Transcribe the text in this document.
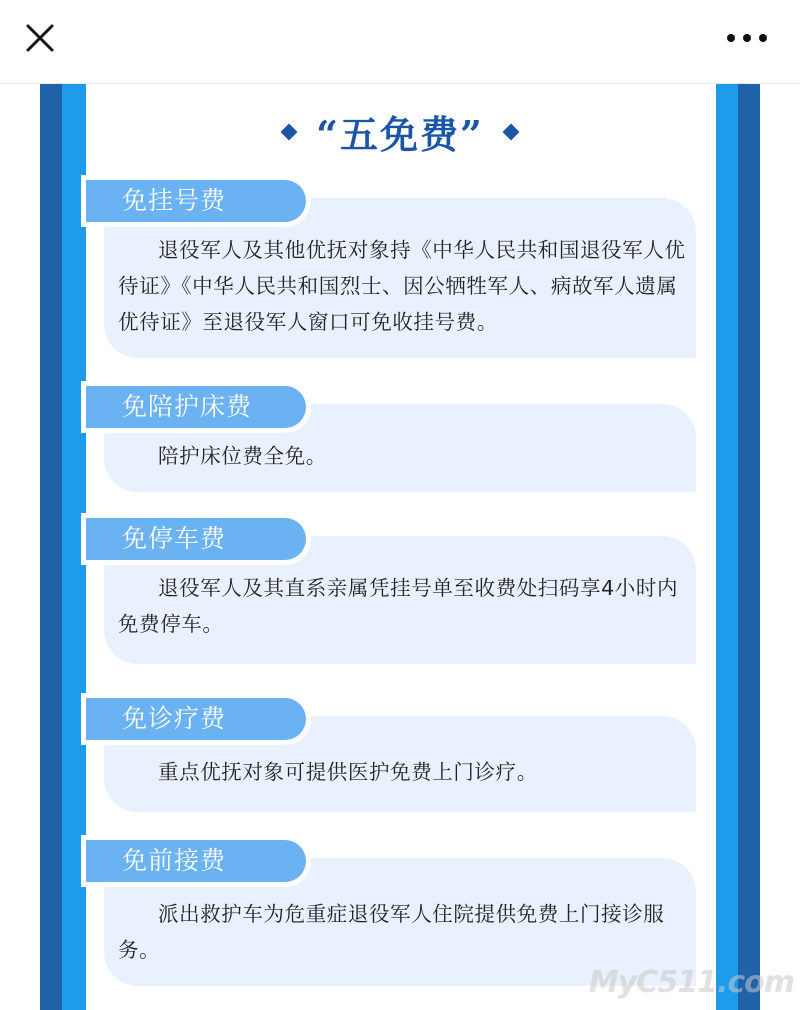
“五免费”
免挂号费
退役军人及其他优抚对象持《中华人民共和国退役军人优待证》《中华人民共和国烈士、因公牺牲军人、病故军人遗属优待证》至退役军人窗口可免收挂号费。
免陪护床费
陪护床位费全免。
免停车费
退役军人及其直系亲属凭挂号单至收费处扫码享4小时内免费停车。
免诊疗费
重点优抚对象可提供医护免费上门诊疗。
免前接费
派出救护车为危重症退役军人住院提供免费上门接诊服务。
MyC511.com
